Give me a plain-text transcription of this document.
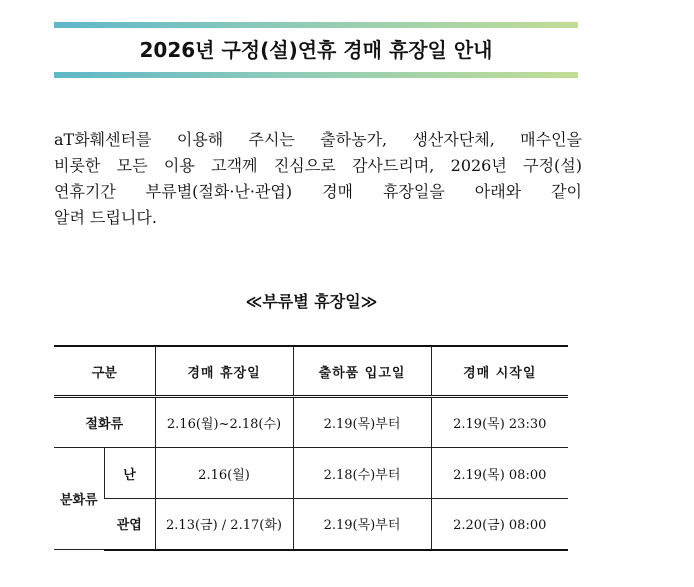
2026년 구정(설)연휴 경매 휴장일 안내

aT화훼센터를 이용해 주시는 출하농가, 생산자단체, 매수인을
비롯한 모든 이용 고객께 진심으로 감사드리며, 2026년 구정(설)
연휴기간 부류별(절화·난·관엽) 경매 휴장일을 아래와 같이
알려 드립니다.

≪부류별 휴장일≫
구분		경매 휴장일	출하품 입고일	경매 시작일
절화류		2.16(월)~2.18(수)	2.19(목)부터	2.19(목) 23:30
분화류	난	2.16(월)	2.18(수)부터	2.19(목) 08:00
	관엽	2.13(금) / 2.17(화)	2.19(목)부터	2.20(금) 08:00
